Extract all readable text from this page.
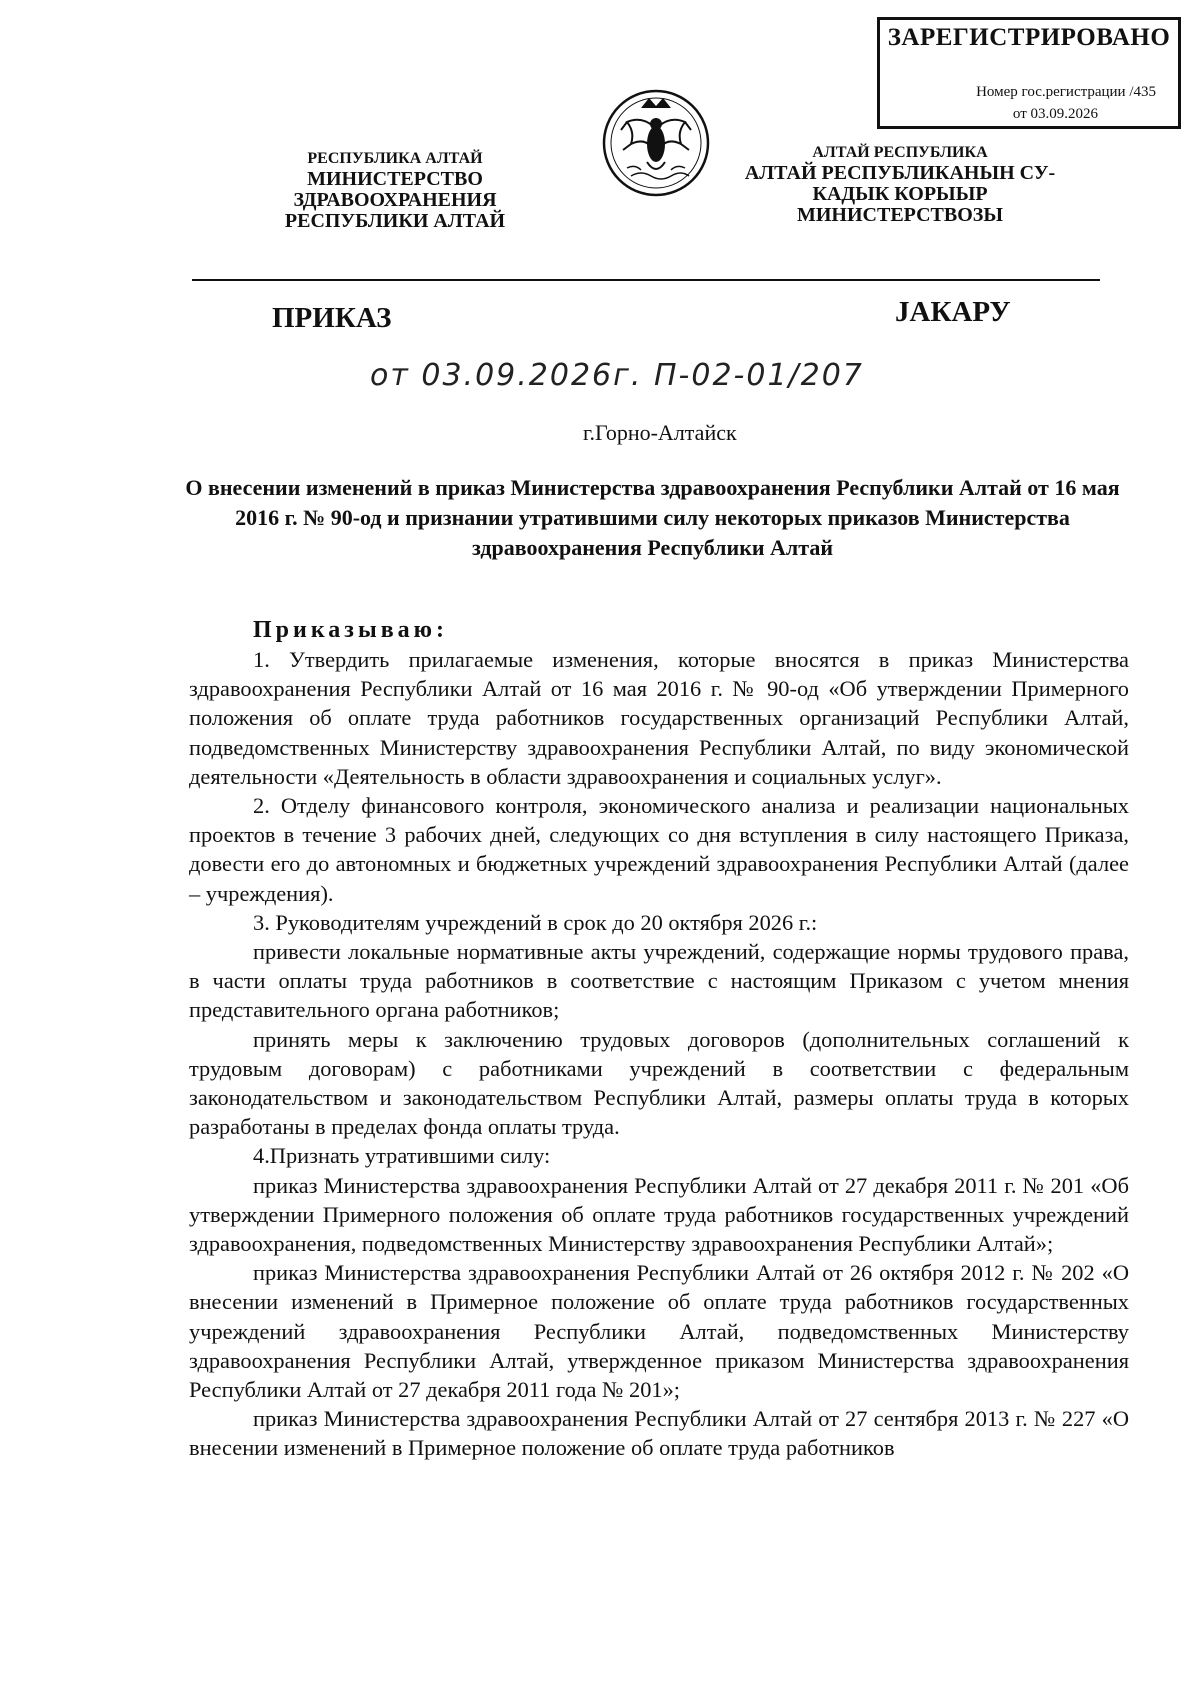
ЗАРЕГИСТРИРОВАНО
Номер гос.регистрации /435
от 03.09.2026
РЕСПУБЛИКА АЛТАЙ
МИНИСТЕРСТВО
ЗДРАВООХРАНЕНИЯ
РЕСПУБЛИКИ АЛТАЙ
АЛТАЙ РЕСПУБЛИКА
АЛТАЙ РЕСПУБЛИКАНЫН СУ-
КАДЫК КОРЫЫР
МИНИСТЕРСТВОЗЫ
ПРИКАЗ	JАКАРУ
от 03.09.2026г. П-02-01/207
г.Горно-Алтайск
О внесении изменений в приказ Министерства здравоохранения Республики Алтай от 16 мая 2016 г. № 90-од и признании утратившими силу некоторых приказов Министерства здравоохранения Республики Алтай
Приказываю:

1. Утвердить прилагаемые изменения, которые вносятся в приказ Министерства здравоохранения Республики Алтай от 16 мая 2016 г. № 90-од «Об утверждении Примерного положения об оплате труда работников государственных организаций Республики Алтай, подведомственных Министерству здравоохранения Республики Алтай, по виду экономической деятельности «Деятельность в области здравоохранения и социальных услуг».

2. Отделу финансового контроля, экономического анализа и реализации национальных проектов в течение 3 рабочих дней, следующих со дня вступления в силу настоящего Приказа, довести его до автономных и бюджетных учреждений здравоохранения Республики Алтай (далее – учреждения).

3. Руководителям учреждений в срок до 20 октября 2026 г.:

привести локальные нормативные акты учреждений, содержащие нормы трудового права, в части оплаты труда работников в соответствие с настоящим Приказом с учетом мнения представительного органа работников;

принять меры к заключению трудовых договоров (дополнительных соглашений к трудовым договорам) с работниками учреждений в соответствии с федеральным законодательством и законодательством Республики Алтай, размеры оплаты труда в которых разработаны в пределах фонда оплаты труда.

4.Признать утратившими силу:

приказ Министерства здравоохранения Республики Алтай от 27 декабря 2011 г. № 201 «Об утверждении Примерного положения об оплате труда работников государственных учреждений здравоохранения, подведомственных Министерству здравоохранения Республики Алтай»;

приказ Министерства здравоохранения Республики Алтай от 26 октября 2012 г. № 202 «О внесении изменений в Примерное положение об оплате труда работников государственных учреждений здравоохранения Республики Алтай, подведомственных Министерству здравоохранения Республики Алтай, утвержденное приказом Министерства здравоохранения Республики Алтай от 27 декабря 2011 года № 201»;

приказ Министерства здравоохранения Республики Алтай от 27 сентября 2013 г. № 227 «О внесении изменений в Примерное положение об оплате труда работников
